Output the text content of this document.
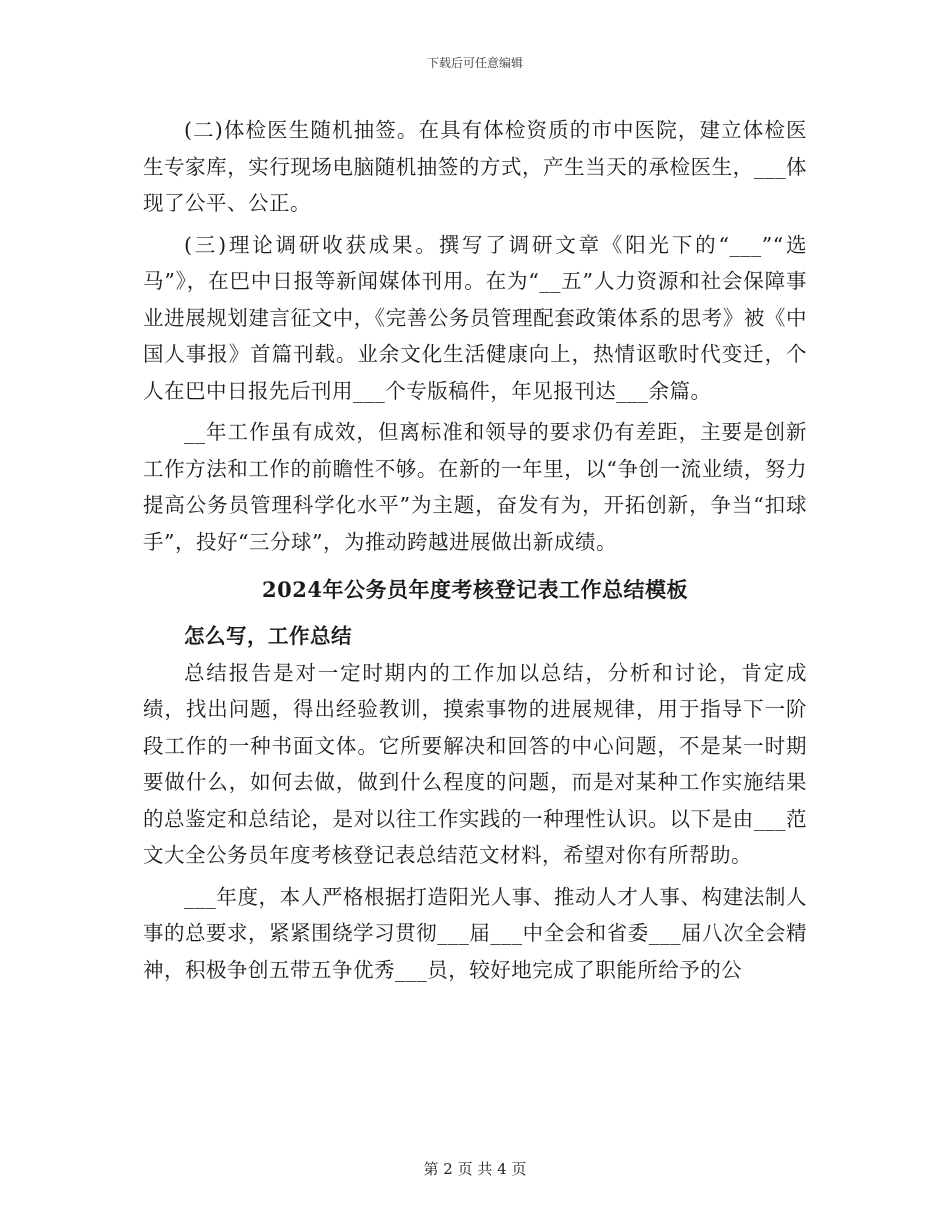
下载后可任意编辑

(二)体检医生随机抽签。在具有体检资质的市中医院，建立体检医生专家库，实行现场电脑随机抽签的方式，产生当天的承检医生，___体现了公平、公正。

(三)理论调研收获成果。撰写了调研文章《阳光下的“___”“选马”》，在巴中日报等新闻媒体刊用。在为“__五”人力资源和社会保障事业进展规划建言征文中，《完善公务员管理配套政策体系的思考》被《中国人事报》首篇刊载。业余文化生活健康向上，热情讴歌时代变迁，个人在巴中日报先后刊用___个专版稿件，年见报刊达___余篇。

__年工作虽有成效，但离标准和领导的要求仍有差距，主要是创新工作方法和工作的前瞻性不够。在新的一年里，以“争创一流业绩，努力提高公务员管理科学化水平”为主题，奋发有为，开拓创新，争当“扣球手”，投好“三分球”，为推动跨越进展做出新成绩。

2024年公务员年度考核登记表工作总结模板

怎么写，工作总结

总结报告是对一定时期内的工作加以总结，分析和讨论，肯定成绩，找出问题，得出经验教训，摸索事物的进展规律，用于指导下一阶段工作的一种书面文体。它所要解决和回答的中心问题，不是某一时期要做什么，如何去做，做到什么程度的问题，而是对某种工作实施结果的总鉴定和总结论，是对以往工作实践的一种理性认识。以下是由___范文大全公务员年度考核登记表总结范文材料，希望对你有所帮助。

___年度，本人严格根据打造阳光人事、推动人才人事、构建法制人事的总要求，紧紧围绕学习贯彻___届___中全会和省委___届八次全会精神，积极争创五带五争优秀___员，较好地完成了职能所给予的公

第 2 页 共 4 页
